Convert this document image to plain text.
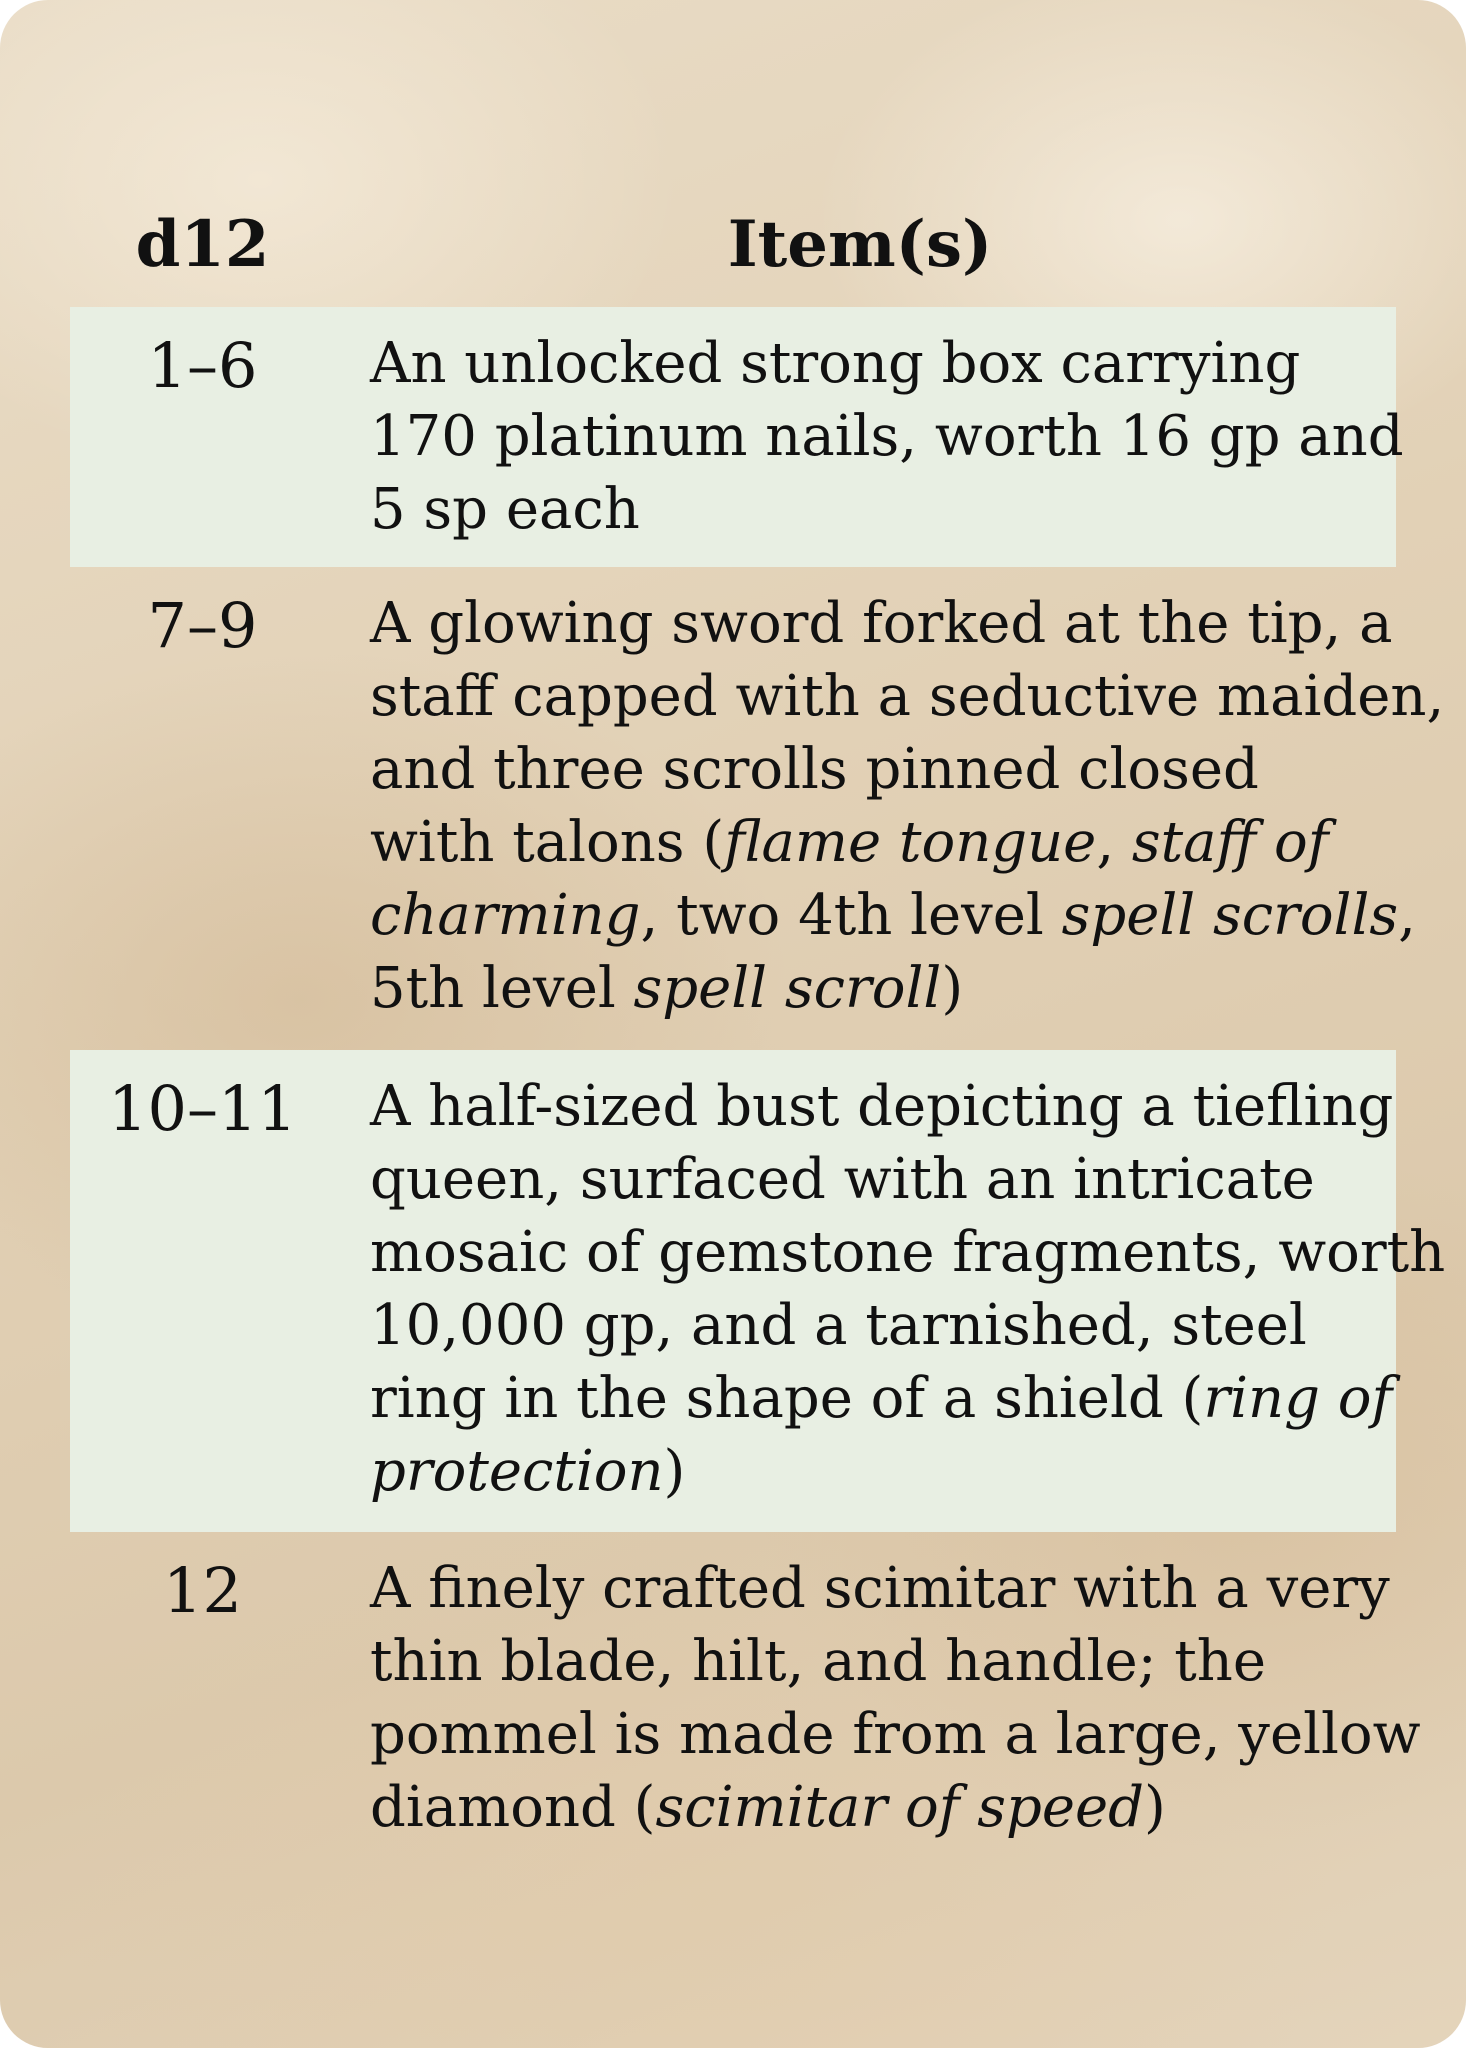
d12	Item(s)
1–6	An unlocked strong box carrying
170 platinum nails, worth 16 gp and
5 sp each
7–9	A glowing sword forked at the tip, a
staff capped with a seductive maiden,
and three scrolls pinned closed
with talons (flame tongue, staff of
charming, two 4th level spell scrolls,
5th level spell scroll)
10–11	A half-sized bust depicting a tiefling
queen, surfaced with an intricate
mosaic of gemstone fragments, worth
10,000 gp, and a tarnished, steel
ring in the shape of a shield (ring of
protection)
12	A finely crafted scimitar with a very
thin blade, hilt, and handle; the
pommel is made from a large, yellow
diamond (scimitar of speed)
